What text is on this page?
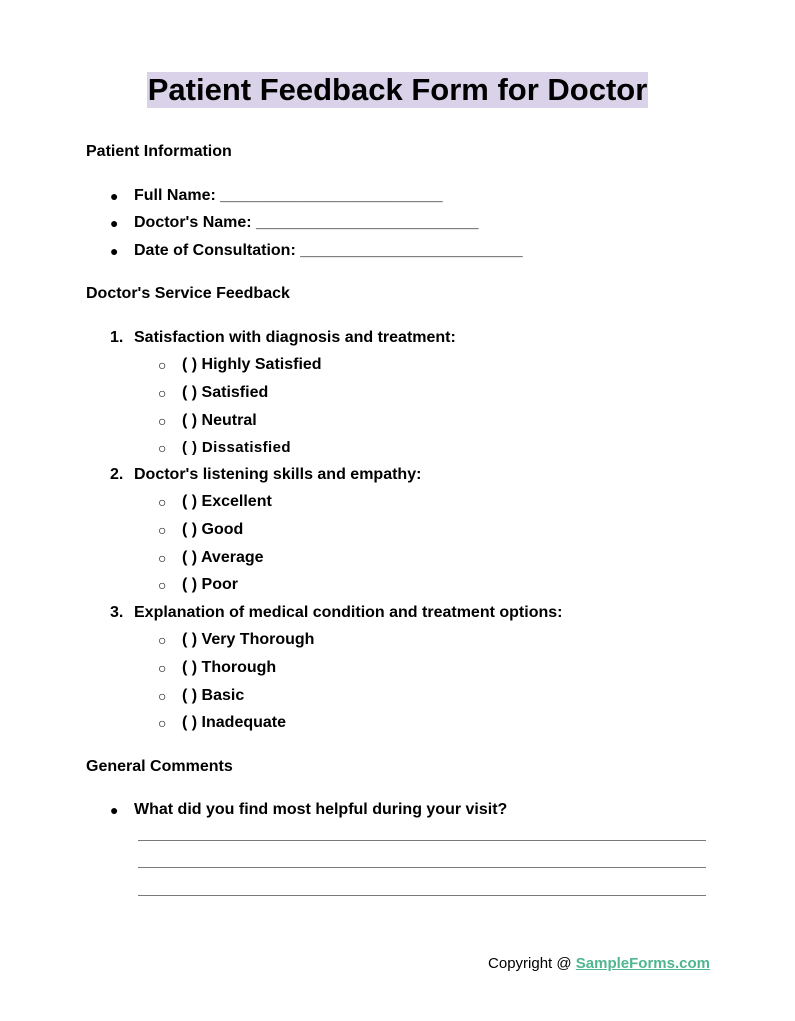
Patient Feedback Form for Doctor
Patient Information
● Full Name: _________________________
● Doctor's Name: _________________________
● Date of Consultation: _________________________
Doctor's Service Feedback
1. Satisfaction with diagnosis and treatment:
○ ( ) Highly Satisfied
○ ( ) Satisfied
○ ( ) Neutral
○ ( ) Dissatisfied
2. Doctor's listening skills and empathy:
○ ( ) Excellent
○ ( ) Good
○ ( ) Average
○ ( ) Poor
3. Explanation of medical condition and treatment options:
○ ( ) Very Thorough
○ ( ) Thorough
○ ( ) Basic
○ ( ) Inadequate
General Comments
● What did you find most helpful during your visit?
Copyright @ SampleForms.com
